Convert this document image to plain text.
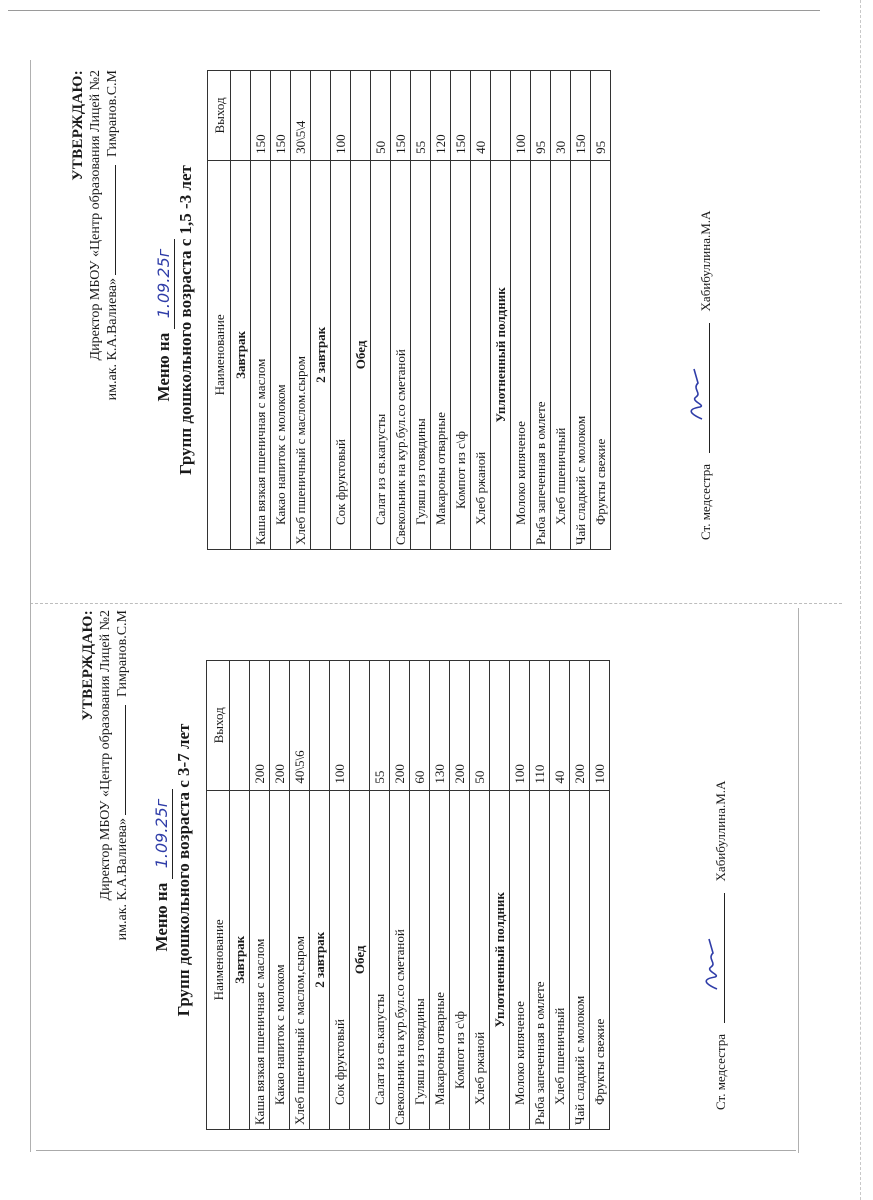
УТВЕРЖДАЮ: Директор МБОУ «Центр образования Лицей №2 им.ак. К.А.Валиева»  Гимранов.С.М
Меню на 1.09.25г Групп дошкольного возраста с 1,5 -3 лет Наименование	Выход
Завтрак	
Каша вязкая пшеничная с маслом	150
Какао напиток с молоком	150
Хлеб пшеничный с маслом.сыром	30\5\4
2 завтрак	
Сок фруктовый	100
Обед	
Салат из св.капусты	50
Свекольник на кур.бул.со сметаной	150
Гуляш из говядины	55
Макароны отварные	120
Компот из с\ф	150
Хлеб ржаной	40
Уплотненный полдник	
Молоко кипяченое	100
Рыба запеченная в омлете	95
Хлеб пшеничный	30
Чай сладкий с молоком	150
Фрукты свежие	95
Ст. медсестра
Хабибуллина.М.А
УТВЕРЖДАЮ: Директор МБОУ «Центр образования Лицей №2 им.ак. К.А.Валиева»  Гимранов.С.М
Меню на 1.09.25г Групп дошкольного возраста с 3-7 лет Наименование	Выход
Завтрак	
Каша вязкая пшеничная с маслом	200
Какао напиток с молоком	200
Хлеб пшеничный с маслом,сыром	40\5\6
2 завтрак	
Сок фруктовый	100
Обед	
Салат из св.капусты	55
Свекольник на кур.бул.со сметаной	200
Гуляш из говядины	60
Макароны отварные	130
Компот из с\ф	200
Хлеб ржаной	50
Уплотненный полдник	
Молоко кипяченое	100
Рыба запеченная в омлете	110
Хлеб пшеничный	40
Чай сладкий с молоком	200
Фрукты свежие	100
Ст. медсестра
Хабибуллина.М.А
